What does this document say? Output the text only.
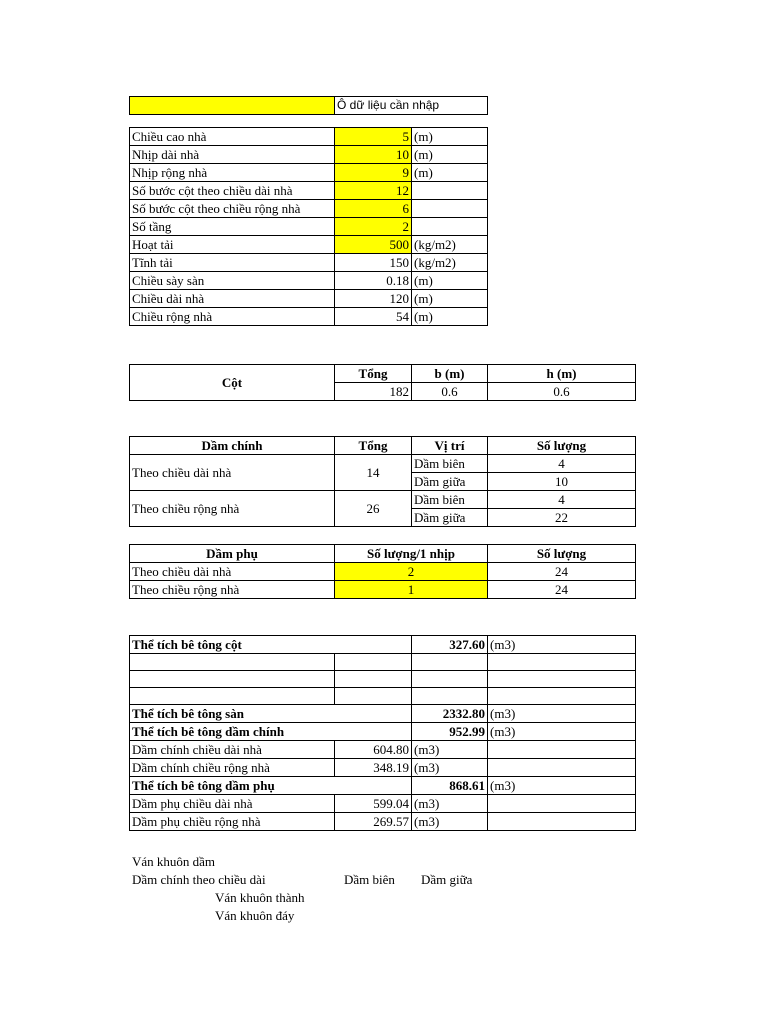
	Ô dữ liệu cần nhập
Chiều cao nhà	5	(m)
Nhịp dài nhà	10	(m)
Nhịp rộng nhà	9	(m)
Số bước cột theo chiều dài nhà	12	
Số bước cột theo chiều rộng nhà	6	
Số tầng	2	
Hoạt tải	500	(kg/m2)
Tĩnh tải	150	(kg/m2)
Chiều sày sàn	0.18	(m)
Chiều dài nhà	120	(m)
Chiều rộng nhà	54	(m)
Cột	Tổng	b (m)	h (m)
	182	0.6	0.6
Dầm chính	Tổng	Vị trí	Số lượng
Theo chiều dài nhà	14	Dầm biên	4
		Dầm giữa	10
Theo chiều rộng nhà	26	Dầm biên	4
		Dầm giữa	22
Dầm phụ	Số lượng/1 nhịp	Số lượng
Theo chiều dài nhà	2	24
Theo chiều rộng nhà	1	24
Thể tích bê tông cột		327.60	(m3)

Thể tích bê tông sàn		2332.80	(m3)
Thể tích bê tông dầm chính		952.99	(m3)
Dầm chính chiều dài nhà	604.80	(m3)	
Dầm chính chiều rộng nhà	348.19	(m3)	
Thể tích bê tông dầm phụ		868.61	(m3)
Dầm phụ chiều dài nhà	599.04	(m3)	
Dầm phụ chiều rộng nhà	269.57	(m3)	
Ván khuôn dầm
Dầm chính theo chiều dài	Dầm biên Dầm giữa
Ván khuôn thành
Ván khuôn đáy
